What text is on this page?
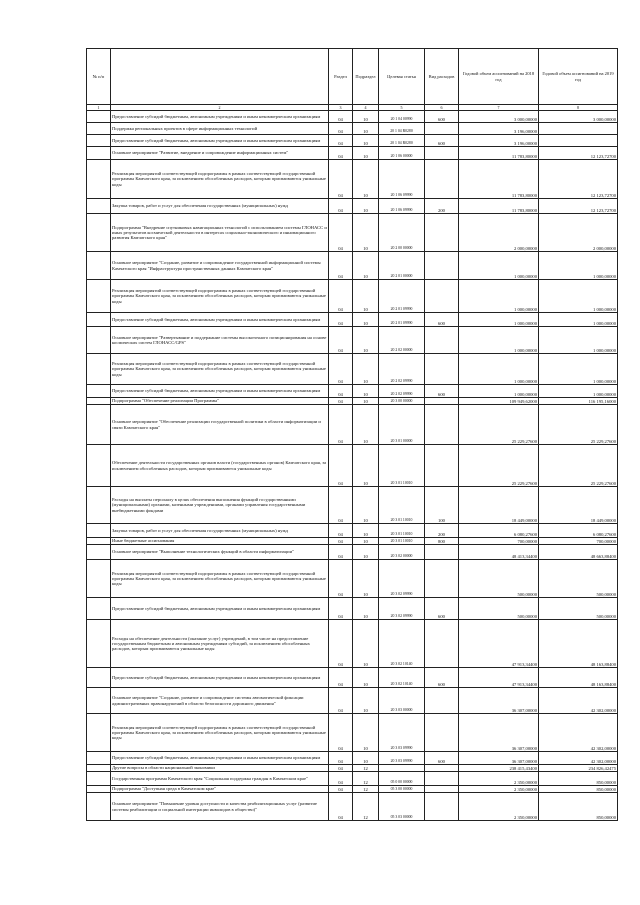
№ п/п		Раздел	Подраздел	Целевая статья	Вид расходов	Годовой объем ассигнований на 2018 год	Годовой объем ассигнований на 2019 год
1	2	3	4	5	6	7	8
	Предоставление субсидий бюджетным, автономным учреждениям и иным некоммерческим организациям	04	10	20 1 04 00990	600	3 000,00000	3 000,00000
	Поддержка региональных проектов в сфере информационных технологий	04	10	20 1 04 R0280		3 196,00000	
	Предоставление субсидий бюджетным, автономным учреждениям и иным некоммерческим организациям	04	10	20 1 04 R0280	600	3 196,00000	
	Основное мероприятие "Развитие, внедрение и сопровождение информационных систем"	04	10	20 1 06 00000		11 783,80000	12 123,72700
	Реализация мероприятий соответствующей подпрограммы в рамках соответствующей государственной программы Камчатского края, за исключением обособленных расходов, которым присваиваются уникальные коды	04	10	20 1 06 09990		11 783,80000	12 123,72700
	Закупка товаров, работ и услуг для обеспечения государственных (муниципальных) нужд	04	10	20 1 06 09990	200	11 783,80000	12 123,72700
	Подпрограмма "Внедрение спутниковых навигационных технологий с использованием системы ГЛОНАСС и иных результатов космической деятельности в интересах социально-экономического и инновационного развития Камчатского края"	04	10	20 2 00 00000		2 000,00000	2 000,00000
	Основное мероприятие "Создание, развитие и сопровождение государственной информационной системы Камчатского края "Инфраструктура пространственных данных Камчатского края"	04	10	20 2 01 00000		1 000,00000	1 000,00000
	Реализация мероприятий соответствующей подпрограммы в рамках соответствующей государственной программы Камчатского края, за исключением обособленных расходов, которым присваиваются уникальные коды	04	10	20 2 01 09990		1 000,00000	1 000,00000
	Предоставление субсидий бюджетным, автономным учреждениям и иным некоммерческим организациям	04	10	20 2 01 09990	600	1 000,00000	1 000,00000
	Основное мероприятие "Развертывание и поддержание системы высокоточного позиционирования на основе космических систем ГЛОНАСС/GPS"	04	10	20 2 02 00000		1 000,00000	1 000,00000
	Реализация мероприятий соответствующей подпрограммы в рамках соответствующей государственной программы Камчатского края, за исключением обособленных расходов, которым присваиваются уникальные коды	04	10	20 2 02 09990		1 000,00000	1 000,00000
	Предоставление субсидий бюджетным, автономным учреждениям и иным некоммерческим организациям	04	10	20 2 02 09990	600	1 000,00000	1 000,00000
	Подпрограмма "Обеспечение реализации Программы"	04	10	20 3 00 00000		109 949,62000	116 195,16000
	Основное мероприятие "Обеспечение реализации государственной политики в области информатизации и связи Камчатского края"	04	10	20 3 01 00000		25 229,27600	25 229,27600
	Обеспечение деятельности государственных органов власти (государственных органов) Камчатского края, за исключением обособленных расходов, которым присваиваются уникальные коды	04	10	20 3 01 10010		25 229,27600	25 229,27600
	Расходы на выплаты персоналу в целях обеспечения выполнения функций государственными (муниципальными) органами, казенными учреждениями, органами управления государственными внебюджетными фондами	04	10	20 3 01 10010	100	18 449,00000	18 449,00000
	Закупка товаров, работ и услуг для обеспечения государственных (муниципальных) нужд	04	10	20 3 01 10010	200	6 080,27600	6 080,27600
	Иные бюджетные ассигнования	04	10	20 3 01 10010	800	700,00000	700,00000
	Основное мероприятие "Выполнение технологических функций в области информатизации"	04	10	20 3 02 00000		48 413,34400	48 663,88400
	Реализация мероприятий соответствующей подпрограммы в рамках соответствующей государственной программы Камчатского края, за исключением обособленных расходов, которым присваиваются уникальные коды	04	10	20 3 02 09990		500,00000	500,00000
	Предоставление субсидий бюджетным, автономным учреждениям и иным некоммерческим организациям	04	10	20 3 02 09990	600	500,00000	500,00000
	Расходы на обеспечение деятельности (оказание услуг) учреждений, в том числе на предоставление государственным бюджетным и автономным учреждениям субсидий, за исключением обособленных расходов, которым присваиваются уникальные коды	04	10	20 3 02 10140		47 913,34400	48 163,88400
	Предоставление субсидий бюджетным, автономным учреждениям и иным некоммерческим организациям	04	10	20 3 02 10140	600	47 913,34400	48 163,88400
	Основное мероприятие "Создание, развитие и сопровождение системы автоматической фиксации административных правонарушений в области безопасности дорожного движения"	04	10	20 3 03 00000		36 307,00000	42 302,00000
	Реализация мероприятий соответствующей подпрограммы в рамках соответствующей государственной программы Камчатского края, за исключением обособленных расходов, которым присваиваются уникальные коды	04	10	20 3 03 09990		36 307,00000	42 302,00000
	Предоставление субсидий бюджетным, автономным учреждениям и иным некоммерческим организациям	04	10	20 3 03 09990	600	36 307,00000	42 302,00000
	Другие вопросы в области национальной экономики	04	12			238 415,43400	234 826,42475
	Государственная программа Камчатского края "Социальная поддержка граждан в Камчатском крае"	04	12	05 0 00 00000		2 350,00000	850,00000
	Подпрограмма "Доступная среда в Камчатском крае"	04	12	05 3 00 00000		2 350,00000	850,00000
	Основное мероприятие "Повышение уровня доступности и качества реабилитационных услуг (развитие системы реабилитации и социальной интеграции инвалидов в общество)"	04	12	05 3 03 00000		2 350,00000	850,00000
